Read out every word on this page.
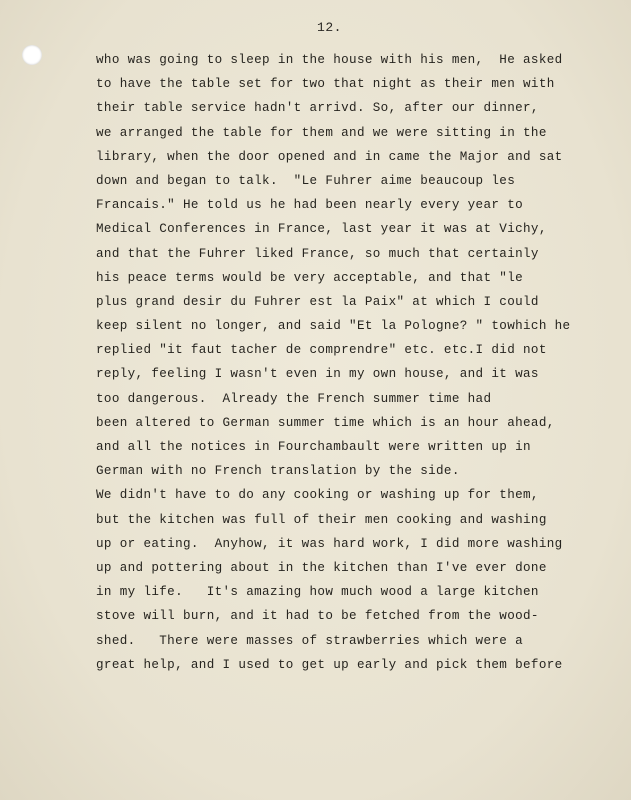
12.
who was going to sleep in the house with his men,  He asked
to have the table set for two that night as their men with
their table service hadn't arrivd. So, after our dinner,
we arranged the table for them and we were sitting in the
library, when the door opened and in came the Major and sat
down and began to talk.  "Le Fuhrer aime beaucoup les
Francais." He told us he had been nearly every year to
Medical Conferences in France, last year it was at Vichy,
and that the Fuhrer liked France, so much that certainly
his peace terms would be very acceptable, and that "le
plus grand desir du Fuhrer est la Paix" at which I could
keep silent no longer, and said "Et la Pologne? " towhich he
replied "it faut tacher de comprendre" etc. etc.I did not
reply, feeling I wasn't even in my own house, and it was
too dangerous.  Already the French summer time had
been altered to German summer time which is an hour ahead,
and all the notices in Fourchambault were written up in
German with no French translation by the side.
We didn't have to do any cooking or washing up for them,
but the kitchen was full of their men cooking and washing
up or eating.  Anyhow, it was hard work, I did more washing
up and pottering about in the kitchen than I've ever done
in my life.   It's amazing how much wood a large kitchen
stove will burn, and it had to be fetched from the wood-
shed.   There were masses of strawberries which were a
great help, and I used to get up early and pick them before
